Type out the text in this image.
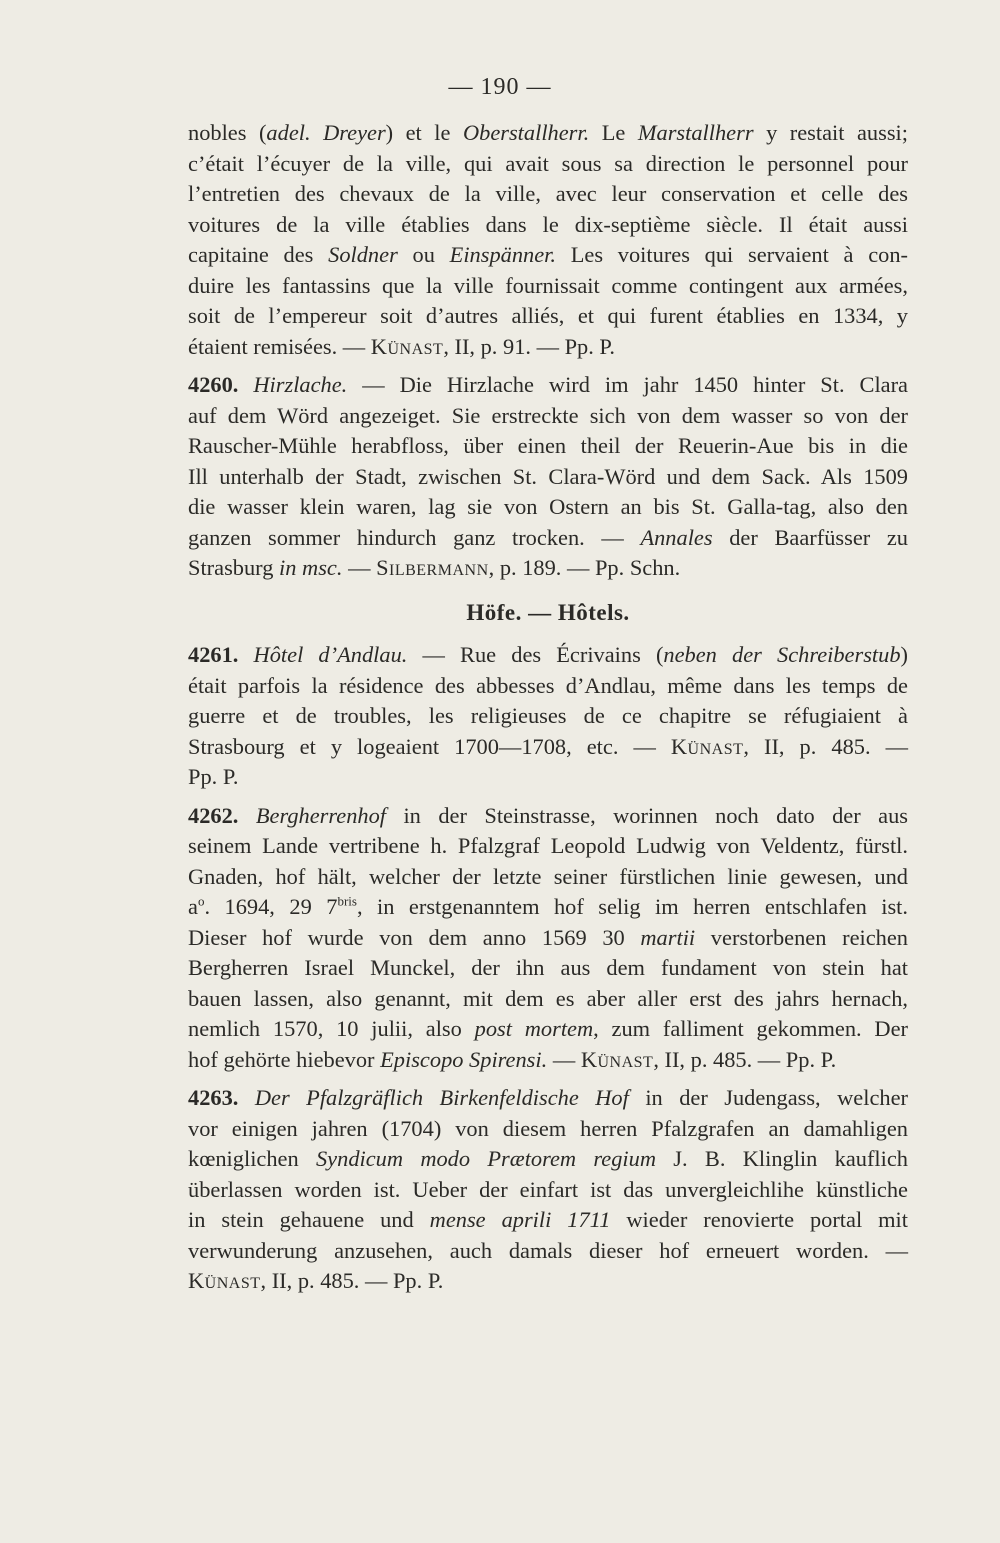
— 190 —
nobles (adel. Dreyer) et le Oberstallherr. Le Marstallherr y restait aussi;
c’était l’écuyer de la ville, qui avait sous sa direction le personnel pour
l’entretien des chevaux de la ville, avec leur conservation et celle des
voitures de la ville établies dans le dix-septième siècle. Il était aussi
capitaine des Soldner ou Einspänner. Les voitures qui servaient à con-
duire les fantassins que la ville fournissait comme contingent aux armées,
soit de l’empereur soit d’autres alliés, et qui furent établies en 1334, y
étaient remisées. — Künast, II, p. 91. — Pp. P.
4260. Hirzlache. — Die Hirzlache wird im jahr 1450 hinter St. Clara
auf dem Wörd angezeiget. Sie erstreckte sich von dem wasser so von der
Rauscher-Mühle herabfloss, über einen theil der Reuerin-Aue bis in die
Ill unterhalb der Stadt, zwischen St. Clara-Wörd und dem Sack. Als 1509
die wasser klein waren, lag sie von Ostern an bis St. Galla-tag, also den
ganzen sommer hindurch ganz trocken. — Annales der Baarfüsser zu
Strasburg in msc. — Silbermann, p. 189. — Pp. Schn.
Höfe. — Hôtels.
4261. Hôtel d’Andlau. — Rue des Écrivains (neben der Schreiberstub)
était parfois la résidence des abbesses d’Andlau, même dans les temps de
guerre et de troubles, les religieuses de ce chapitre se réfugiaient à
Strasbourg et y logeaient 1700—1708, etc. — Künast, II, p. 485. —
Pp. P.
4262. Bergherrenhof in der Steinstrasse, worinnen noch dato der aus
seinem Lande vertribene h. Pfalzgraf Leopold Ludwig von Veldentz, fürstl.
Gnaden, hof hält, welcher der letzte seiner fürstlichen linie gewesen, und
$a^o$. 1694, 29 $7^{bris}$, in erstgenanntem hof selig im herren entschlafen ist.
Dieser hof wurde von dem anno 1569 30 martii verstorbenen reichen
Bergherren Israel Munckel, der ihn aus dem fundament von stein hat
bauen lassen, also genannt, mit dem es aber aller erst des jahrs hernach,
nemlich 1570, 10 julii, also post mortem, zum falliment gekommen. Der
hof gehörte hiebevor Episcopo Spirensi. — Künast, II, p. 485. — Pp. P.
4263. Der Pfalzgräflich Birkenfeldische Hof in der Judengass, welcher
vor einigen jahren (1704) von diesem herren Pfalzgrafen an damahligen
kœniglichen Syndicum modo Prætorem regium J. B. Klinglin kauflich
überlassen worden ist. Ueber der einfart ist das unvergleichlihe künstliche
in stein gehauene und mense aprili 1711 wieder renovierte portal mit
verwunderung anzusehen, auch damals dieser hof erneuert worden. —
Künast, II, p. 485. — Pp. P.
